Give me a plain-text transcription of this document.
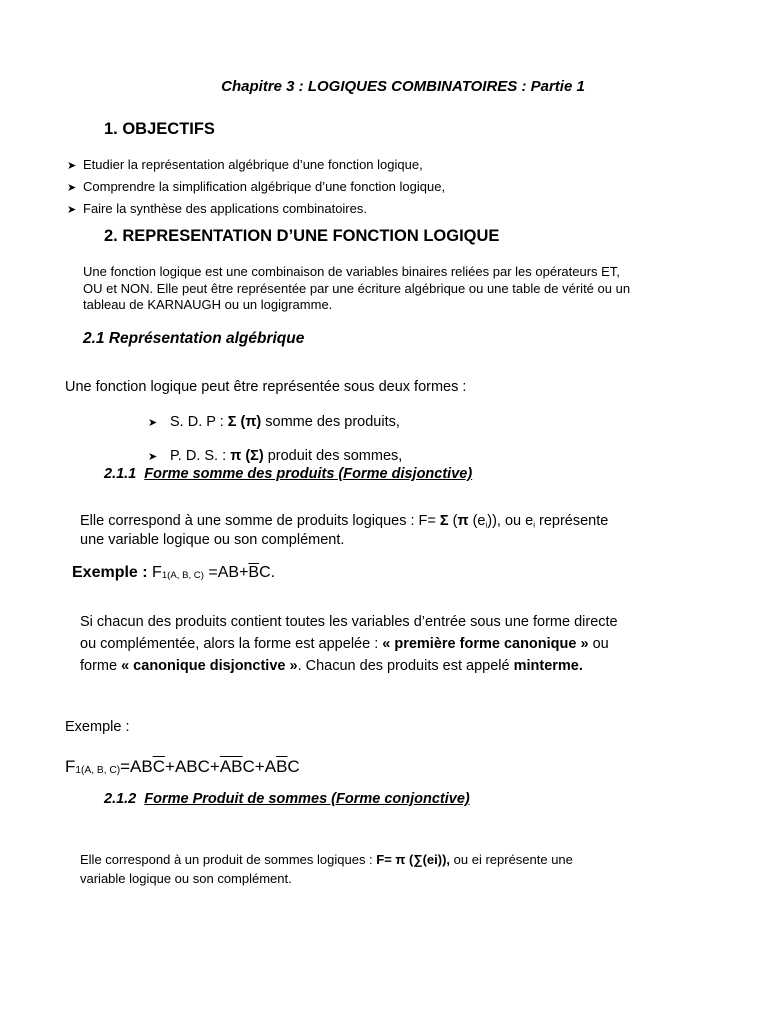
Chapitre 3 : LOGIQUES COMBINATOIRES : Partie 1
1. OBJECTIFS
➤ Etudier la représentation algébrique d’une fonction logique,
➤ Comprendre la simplification algébrique d’une fonction logique,
➤ Faire la synthèse des applications combinatoires.
2. REPRESENTATION D’UNE FONCTION LOGIQUE
Une fonction logique est une combinaison de variables binaires reliées par les opérateurs ET,
OU et NON. Elle peut être représentée par une écriture algébrique ou une table de vérité ou un
tableau de KARNAUGH ou un logigramme.
2.1 Représentation algébrique
Une fonction logique peut être représentée sous deux formes :
➤ S. D. P : Σ (π) somme des produits,
➤ P. D. S. : π (Σ) produit des sommes,
2.1.1 Forme somme des produits (Forme disjonctive)
Elle correspond à une somme de produits logiques : F= Σ (π (ei)), ou ei représente
une variable logique ou son complément.
Exemple : F1(A, B, $C) =AB+\overline{B}C$.
Si chacun des produits contient toutes les variables d’entrée sous une forme directe
ou complémentée, alors la forme est appelée : « première forme canonique » ou
forme « canonique disjonctive ». Chacun des produits est appelé minterme.
Exemple :
F1(A, B, $C)=AB\overline{C}+ABC+\overline{A}\overline{B}C+A\overline{B}C$
2.1.2 Forme Produit de sommes (Forme conjonctive)
Elle correspond à un produit de sommes logiques : F= π (∑(ei)), ou ei représente une
variable logique ou son complément.
